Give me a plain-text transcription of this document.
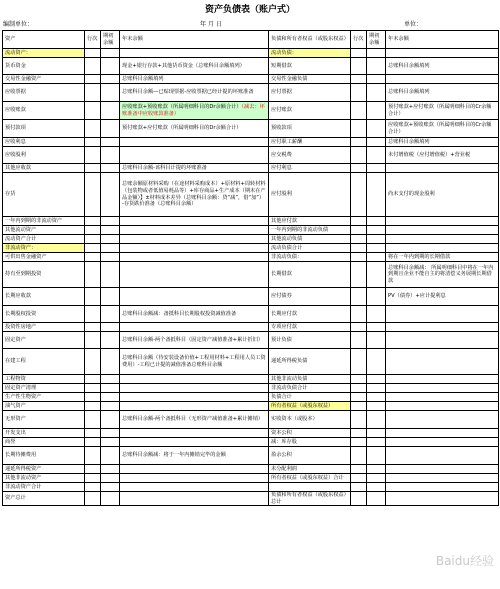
资产负债表（账户式）
编制单位：	年 月 日	单位：
资产	行次	期初余额	年末余额	负债和所有者权益（或股东权益）	行次	期初余额	年末余额
流动资产：				流动负债：			
货币资金			现金+银行存款+其他货币资金（总账科目余额填列）	短期借款			总账科目余额填列
交易性金融资产			总账科目余额填列	交易性金融负债			
应收票据			总账科目余额—已贴现票据-应收票据已经计提的坏账准备	应付票据			总账科目余额填列
应收账款			应收账款+预收账款（所属明细科目的Dr余额合计）（减去：坏账准备中应收账款准备）	应付账款			预付账款+应付账款（所属明细科目的Cr余额合计）
预付款项			预付账款+应付账款（所属明细科目的Dr余额合计）	预收款项			应收账款+预收账款（所属明细科目的Cr余额合计）
应收利息				应付职工薪酬			总账科目余额填列
应收股利				应交税费			未付增值税（应付增值税）+营业税
其他应收款			总账科目余额-该科目计提的坏账准备	应付利息			
存货			总账余额原材料采购（在途材料采购成本）+原材料+周转材料（包装物或者低值易耗品等）+库存商品+生产成本（期末在产品金额）】±材料成本差异（总账科目余额：贷“减”，借“加”）-存货跌价准备（总账科目余额）	应付股利			尚未支付的现金股利
一年内到期的非流动资产				其他应付款			
其他流动资产				一年内到期的非流动负债			
流动资产合计				其他流动负债			
非流动资产：				流动负债合计			
可供出售金融资产				非流动负债：			将在一年内到期的长期借款
持有至到期投资				长期借款			总账科目余额减： 所属明细科目中将在一年内到期且企业不能自主的将清偿义务展期长期借款
长期应收款				应付债券			PV（债券）+应计提利息
长期股权投资			总账科目余额减：备抵科目长期股权投资减值准备	长期应付款			
投资性房地产				专项应付款			
固定资产			总账科目余额-两个备抵科目（固定资产减值准备+累计折旧）	预计负债			
在建工程			总账科目余额（待安装设备价值+工程用材料+工程用人员工资费用）-工程已计提的减值准备总账科目余额	递延所得税负债			
工程物资				其他非流动负债			
固定资产清理				非流动负债合计			
生产性生物资产				负债合计			
油气资产				所有者权益（或股东权益）			
无形资产			总账科目余额-两个备抵科目（无形资产减值准备+累计摊销）	实收资本（或股本）			
开发支出				资本公积			
商誉				减：库存股			
长期待摊费用			总账科目余额减：将于一年内摊销完毕的金额	盈余公积			
递延所得税资产				未分配利润			
其他非流动资产				所有者权益（或股东权益）合计			
非流动资产合计							
资产总计				负债和所有者权益（或股东权益）总计			
Baidu经验
